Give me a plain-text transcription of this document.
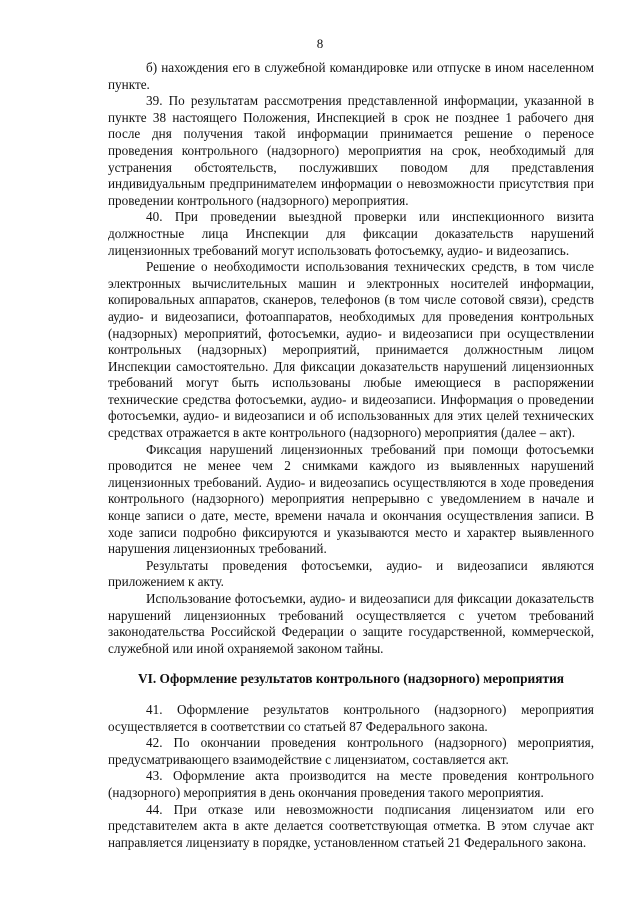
8

б) нахождения его в служебной командировке или отпуске в ином населенном пункте.

39. По результатам рассмотрения представленной информации, указанной в пункте 38 настоящего Положения, Инспекцией в срок не позднее 1 рабочего дня после дня получения такой информации принимается решение о переносе проведения контрольного (надзорного) мероприятия на срок, необходимый для устранения обстоятельств, послуживших поводом для представления индивидуальным предпринимателем информации о невозможности присутствия при проведении контрольного (надзорного) мероприятия.

40. При проведении выездной проверки или инспекционного визита должностные лица Инспекции для фиксации доказательств нарушений лицензионных требований могут использовать фотосъемку, аудио- и видеозапись.

Решение о необходимости использования технических средств, в том числе электронных вычислительных машин и электронных носителей информации, копировальных аппаратов, сканеров, телефонов (в том числе сотовой связи), средств аудио- и видеозаписи, фотоаппаратов, необходимых для проведения контрольных (надзорных) мероприятий, фотосъемки, аудио- и видеозаписи при осуществлении контрольных (надзорных) мероприятий, принимается должностным лицом Инспекции самостоятельно. Для фиксации доказательств нарушений лицензионных требований могут быть использованы любые имеющиеся в распоряжении технические средства фотосъемки, аудио- и видеозаписи. Информация о проведении фотосъемки, аудио- и видеозаписи и об использованных для этих целей технических средствах отражается в акте контрольного (надзорного) мероприятия (далее – акт).

Фиксация нарушений лицензионных требований при помощи фотосъемки проводится не менее чем 2 снимками каждого из выявленных нарушений лицензионных требований. Аудио- и видеозапись осуществляются в ходе проведения контрольного (надзорного) мероприятия непрерывно с уведомлением в начале и конце записи о дате, месте, времени начала и окончания осуществления записи. В ходе записи подробно фиксируются и указываются место и характер выявленного нарушения лицензионных требований.

Результаты проведения фотосъемки, аудио- и видеозаписи являются приложением к акту.

Использование фотосъемки, аудио- и видеозаписи для фиксации доказательств нарушений лицензионных требований осуществляется с учетом требований законодательства Российской Федерации о защите государственной, коммерческой, служебной или иной охраняемой законом тайны.

VI. Оформление результатов контрольного (надзорного) мероприятия

41. Оформление результатов контрольного (надзорного) мероприятия осуществляется в соответствии со статьей 87 Федерального закона.

42. По окончании проведения контрольного (надзорного) мероприятия, предусматривающего взаимодействие с лицензиатом, составляется акт.

43. Оформление акта производится на месте проведения контрольного (надзорного) мероприятия в день окончания проведения такого мероприятия.

44. При отказе или невозможности подписания лицензиатом или его представителем акта в акте делается соответствующая отметка. В этом случае акт направляется лицензиату в порядке, установленном статьей 21 Федерального закона.
